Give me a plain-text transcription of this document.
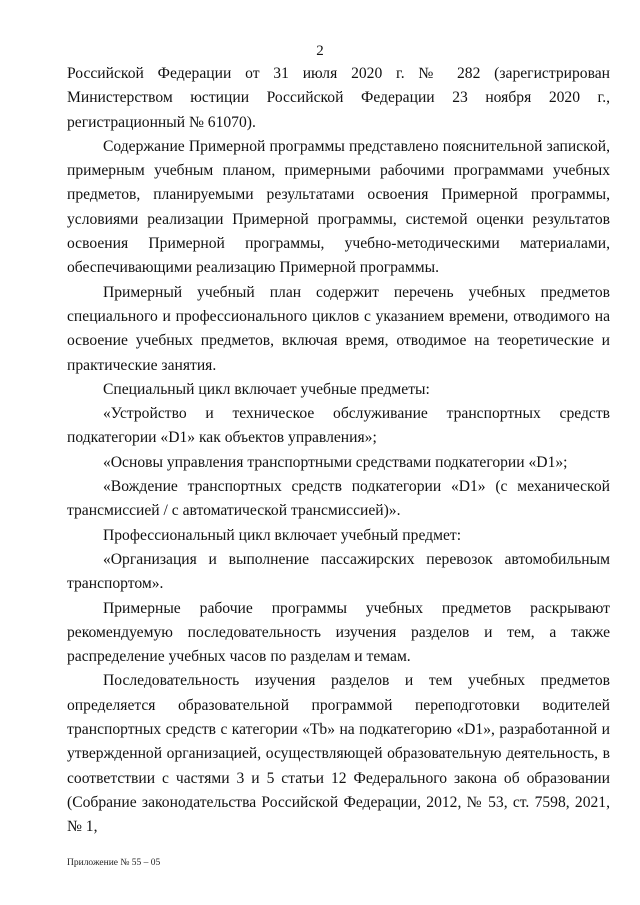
2

Российской Федерации от 31 июля 2020 г. № 282 (зарегистрирован Министерством юстиции Российской Федерации 23 ноября 2020 г., регистрационный № 61070).

Содержание Примерной программы представлено пояснительной запиской, примерным учебным планом, примерными рабочими программами учебных предметов, планируемыми результатами освоения Примерной программы, условиями реализации Примерной программы, системой оценки результатов освоения Примерной программы, учебно-методическими материалами, обеспечивающими реализацию Примерной программы.

Примерный учебный план содержит перечень учебных предметов специального и профессионального циклов с указанием времени, отводимого на освоение учебных предметов, включая время, отводимое на теоретические и практические занятия.

Специальный цикл включает учебные предметы:

«Устройство и техническое обслуживание транспортных средств подкатегории «D1» как объектов управления»;

«Основы управления транспортными средствами подкатегории «D1»;

«Вождение транспортных средств подкатегории «D1» (с механической трансмиссией / с автоматической трансмиссией)».

Профессиональный цикл включает учебный предмет:

«Организация и выполнение пассажирских перевозок автомобильным транспортом».

Примерные рабочие программы учебных предметов раскрывают рекомендуемую последовательность изучения разделов и тем, а также распределение учебных часов по разделам и темам.

Последовательность изучения разделов и тем учебных предметов определяется образовательной программой переподготовки водителей транспортных средств с категории «Tb» на подкатегорию «D1», разработанной и утвержденной организацией, осуществляющей образовательную деятельность, в соответствии с частями 3 и 5 статьи 12 Федерального закона об образовании (Собрание законодательства Российской Федерации, 2012, № 53, ст. 7598, 2021, № 1,

Приложение № 55 – 05
